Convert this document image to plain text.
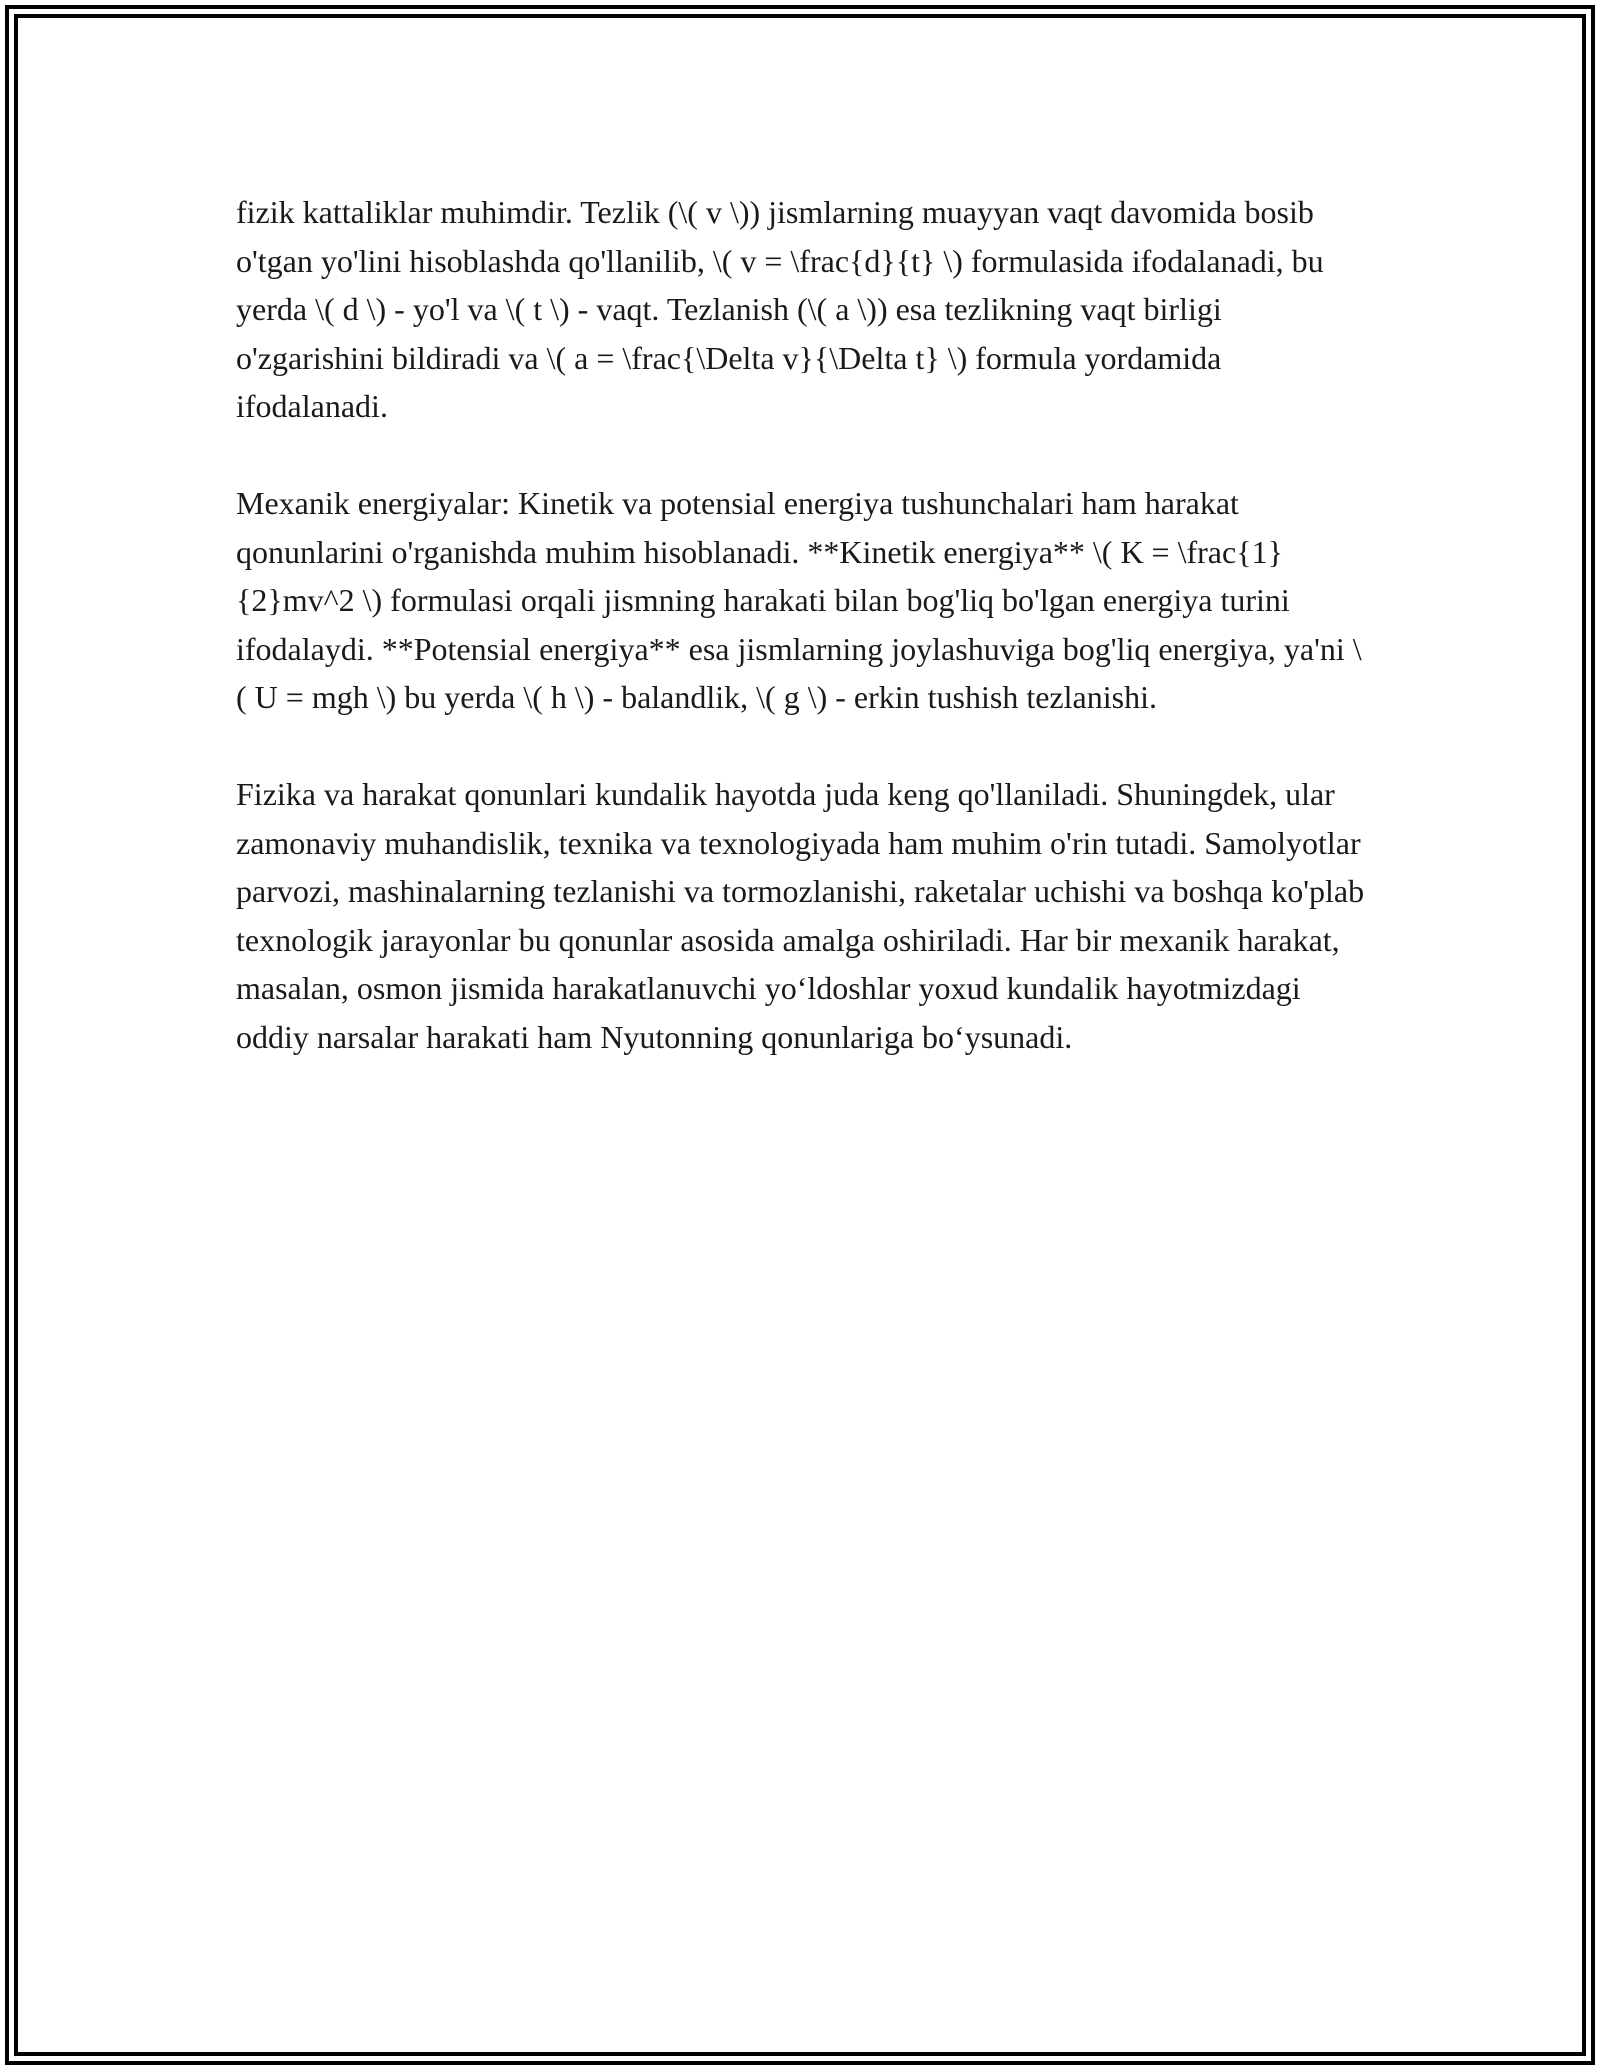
fizik kattaliklar muhimdir. Tezlik (\( v \)) jismlarning muayyan vaqt davomida bosib o'tgan yo'lini hisoblashda qo'llanilib, \( v = \frac{d}{t} \) formulasida ifodalanadi, bu yerda \( d \) - yo'l va \( t \) - vaqt. Tezlanish (\( a \)) esa tezlikning vaqt birligi o'zgarishini bildiradi va \( a = \frac{\Delta v}{\Delta t} \) formula yordamida ifodalanadi.

Mexanik energiyalar: Kinetik va potensial energiya tushunchalari ham harakat qonunlarini o'rganishda muhim hisoblanadi. **Kinetik energiya** \( K = \frac{1}{2}mv^2 \) formulasi orqali jismning harakati bilan bog'liq bo'lgan energiya turini ifodalaydi. **Potensial energiya** esa jismlarning joylashuviga bog'liq energiya, ya'ni \( U = mgh \) bu yerda \( h \) - balandlik, \( g \) - erkin tushish tezlanishi.

Fizika va harakat qonunlari kundalik hayotda juda keng qo'llaniladi. Shuningdek, ular zamonaviy muhandislik, texnika va texnologiyada ham muhim o'rin tutadi. Samolyotlar parvozi, mashinalarning tezlanishi va tormozlanishi, raketalar uchishi va boshqa ko'plab texnologik jarayonlar bu qonunlar asosida amalga oshiriladi. Har bir mexanik harakat, masalan, osmon jismida harakatlanuvchi yo‘ldoshlar yoxud kundalik hayotmizdagi oddiy narsalar harakati ham Nyutonning qonunlariga bo‘ysunadi.
